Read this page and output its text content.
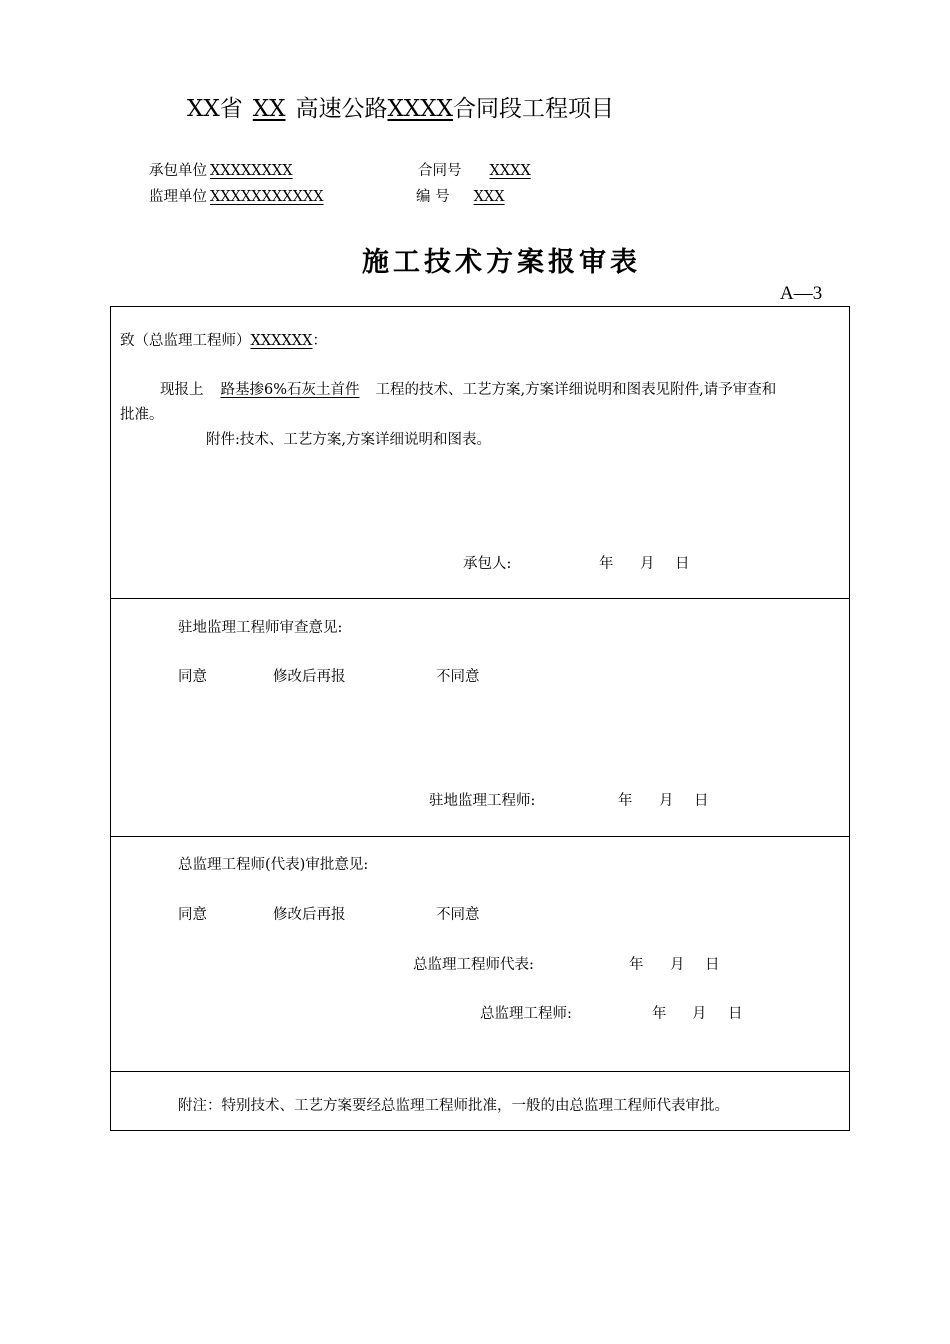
XX省 XX 高速公路XXXX合同段工程项目
承包单位 XXXXXXXX	合同号 XXXX
监理单位 XXXXXXXXXXX	编 号 XXX
施工技术方案报审表
A—3
致（总监理工程师）XXXXXX：
现报上 路基掺6%石灰土首件 工程的技术、工艺方案,方案详细说明和图表见附件,请予审查和
批准。
附件:技术、工艺方案,方案详细说明和图表。
承包人:	年 月 日
驻地监理工程师审查意见:
同意	修改后再报	不同意
驻地监理工程师:	年 月 日
总监理工程师(代表)审批意见:
同意	修改后再报	不同意
总监理工程师代表:	年 月 日
总监理工程师:	年 月 日
附注：特别技术、工艺方案要经总监理工程师批准，一般的由总监理工程师代表审批。
